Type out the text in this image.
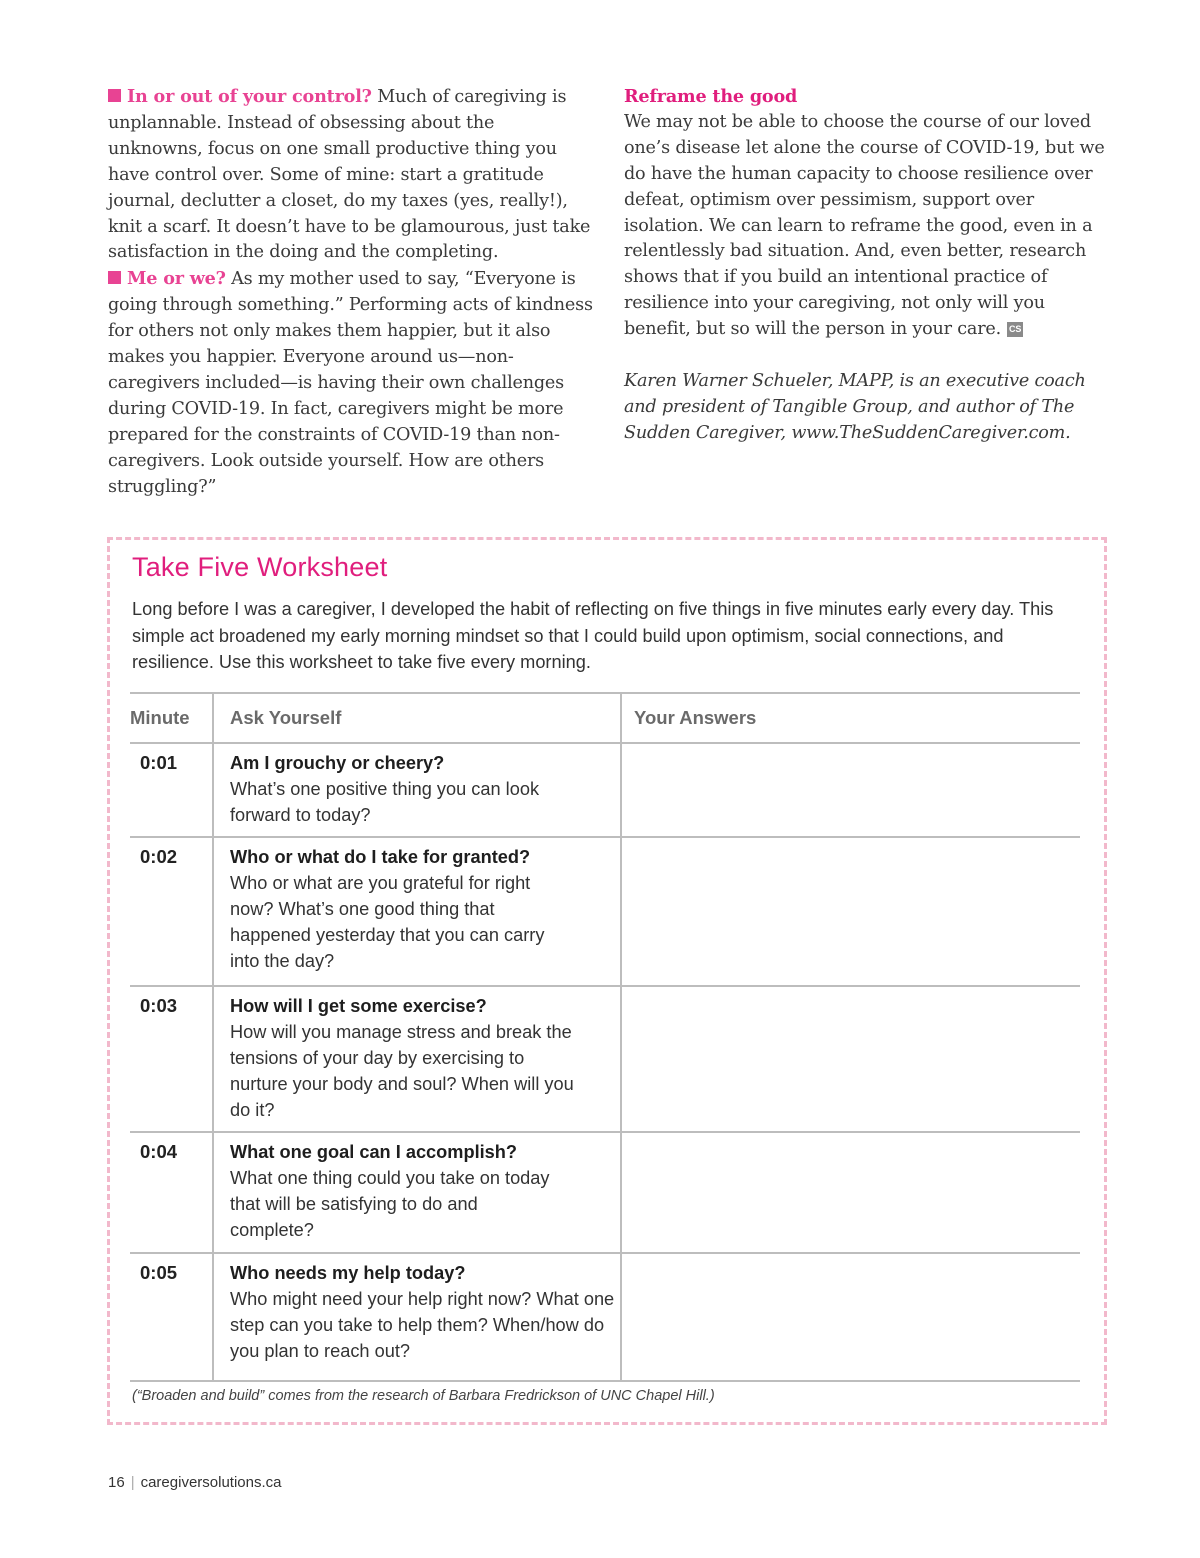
In or out of your control? Much of caregiving is unplannable. Instead of obsessing about the unknowns, focus on one small productive thing you have control over. Some of mine: start a gratitude journal, declutter a closet, do my taxes (yes, really!), knit a scarf. It doesn’t have to be glamourous, just take satisfaction in the doing and the completing.

Me or we? As my mother used to say, “Everyone is going through something.” Performing acts of kindness for others not only makes them happier, but it also makes you happier. Everyone around us—non-caregivers included—is having their own challenges during COVID-19. In fact, caregivers might be more prepared for the constraints of COVID-19 than non-caregivers. Look outside yourself. How are others struggling?”

Reframe the good

We may not be able to choose the course of our loved one’s disease let alone the course of COVID-19, but we do have the human capacity to choose resilience over defeat, optimism over pessimism, support over isolation. We can learn to reframe the good, even in a relentlessly bad situation. And, even better, research shows that if you build an intentional practice of resilience into your caregiving, not only will you benefit, but so will the person in your care. CS

Karen Warner Schueler, MAPP, is an executive coach and president of Tangible Group, and author of The Sudden Caregiver, www.TheSuddenCaregiver.com.

Take Five Worksheet

Long before I was a caregiver, I developed the habit of reflecting on five things in five minutes early every day. This simple act broadened my early morning mindset so that I could build upon optimism, social connections, and resilience. Use this worksheet to take five every morning.

Minute	Ask Yourself	Your Answers
0:01	Am I grouchy or cheery?
What’s one positive thing you can look forward to today?	

0:02	Who or what do I take for granted?
Who or what are you grateful for right now? What’s one good thing that happened yesterday that you can carry into the day?	

0:03	How will I get some exercise?
How will you manage stress and break the tensions of your day by exercising to nurture your body and soul? When will you do it?	

0:04	What one goal can I accomplish?
What one thing could you take on today that will be satisfying to do and complete?	

0:05	Who needs my help today?
Who might need your help right now? What one step can you take to help them? When/how do you plan to reach out?	

(“Broaden and build” comes from the research of Barbara Fredrickson of UNC Chapel Hill.)

16 | caregiversolutions.ca
